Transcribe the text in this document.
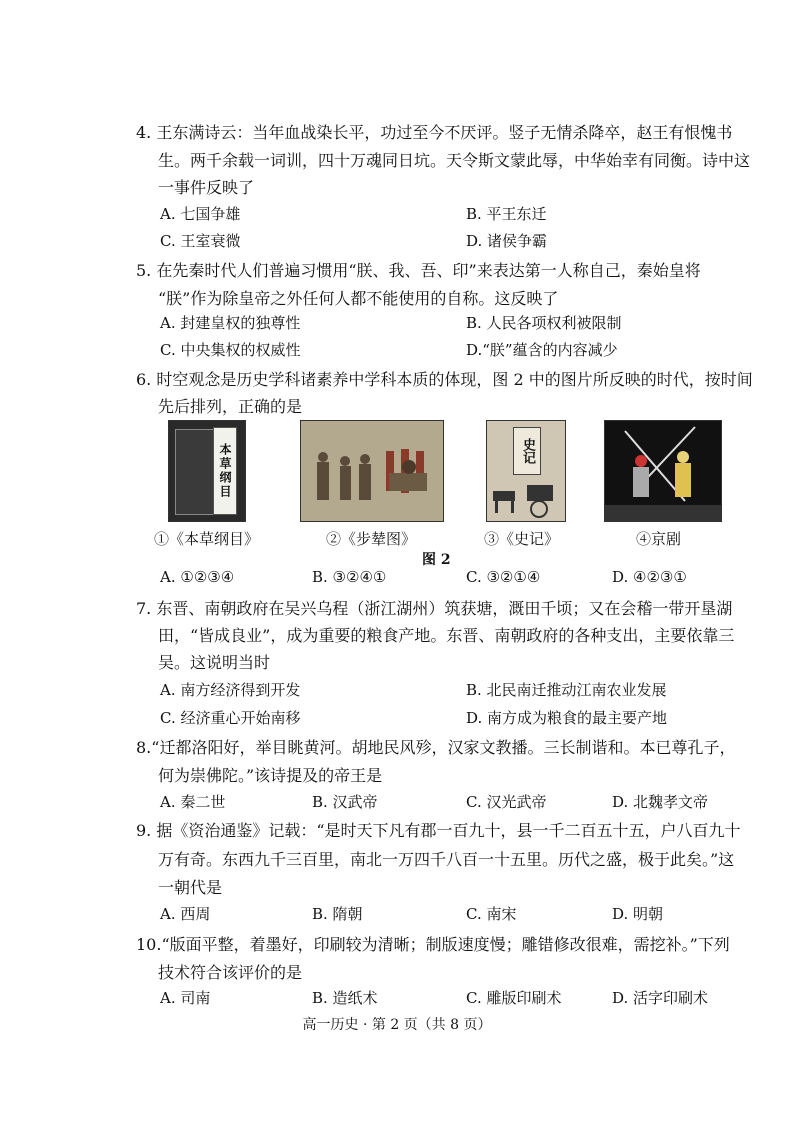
4. 王东满诗云：当年血战染长平，功过至今不厌评。竖子无情杀降卒，赵王有恨愧书
生。两千余载一词训，四十万魂同日坑。天令斯文蒙此辱，中华始幸有同衡。诗中这
一事件反映了
A. 七国争雄	B. 平王东迁
C. 王室衰微	D. 诸侯争霸
5. 在先秦时代人们普遍习惯用“朕、我、吾、印”来表达第一人称自己，秦始皇将
“朕”作为除皇帝之外任何人都不能使用的自称。这反映了
A. 封建皇权的独尊性	B. 人民各项权利被限制
C. 中央集权的权威性	D.“朕”蕴含的内容减少
6. 时空观念是历史学科诸素养中学科本质的体现，图 2 中的图片所反映的时代，按时间
先后排列，正确的是
本草纲目	史记
①《本草纲目》	②《步辇图》	③《史记》	④京剧
图 2
A. ①②③④	B. ③②④①	C. ③②①④	D. ④②③①
7. 东晋、南朝政府在吴兴乌程（浙江湖州）筑获塘，溉田千顷；又在会稽一带开垦湖
田，“皆成良业”，成为重要的粮食产地。东晋、南朝政府的各种支出，主要依靠三
吴。这说明当时
A. 南方经济得到开发	B. 北民南迁推动江南农业发展
C. 经济重心开始南移	D. 南方成为粮食的最主要产地
8.“迁都洛阳好，举目眺黄河。胡地民风殄，汉家文教播。三长制谐和。本已尊孔子，
何为崇佛陀。”该诗提及的帝王是
A. 秦二世	B. 汉武帝	C. 汉光武帝	D. 北魏孝文帝
9. 据《资治通鉴》记载：“是时天下凡有郡一百九十，县一千二百五十五，户八百九十
万有奇。东西九千三百里，南北一万四千八百一十五里。历代之盛，极于此矣。”这
一朝代是
A. 西周	B. 隋朝	C. 南宋	D. 明朝
10.“版面平整，着墨好，印刷较为清晰；制版速度慢；雕错修改很难，需挖补。”下列
技术符合该评价的是
A. 司南	B. 造纸术	C. 雕版印刷术	D. 活字印刷术
高一历史 · 第 2 页（共 8 页）
